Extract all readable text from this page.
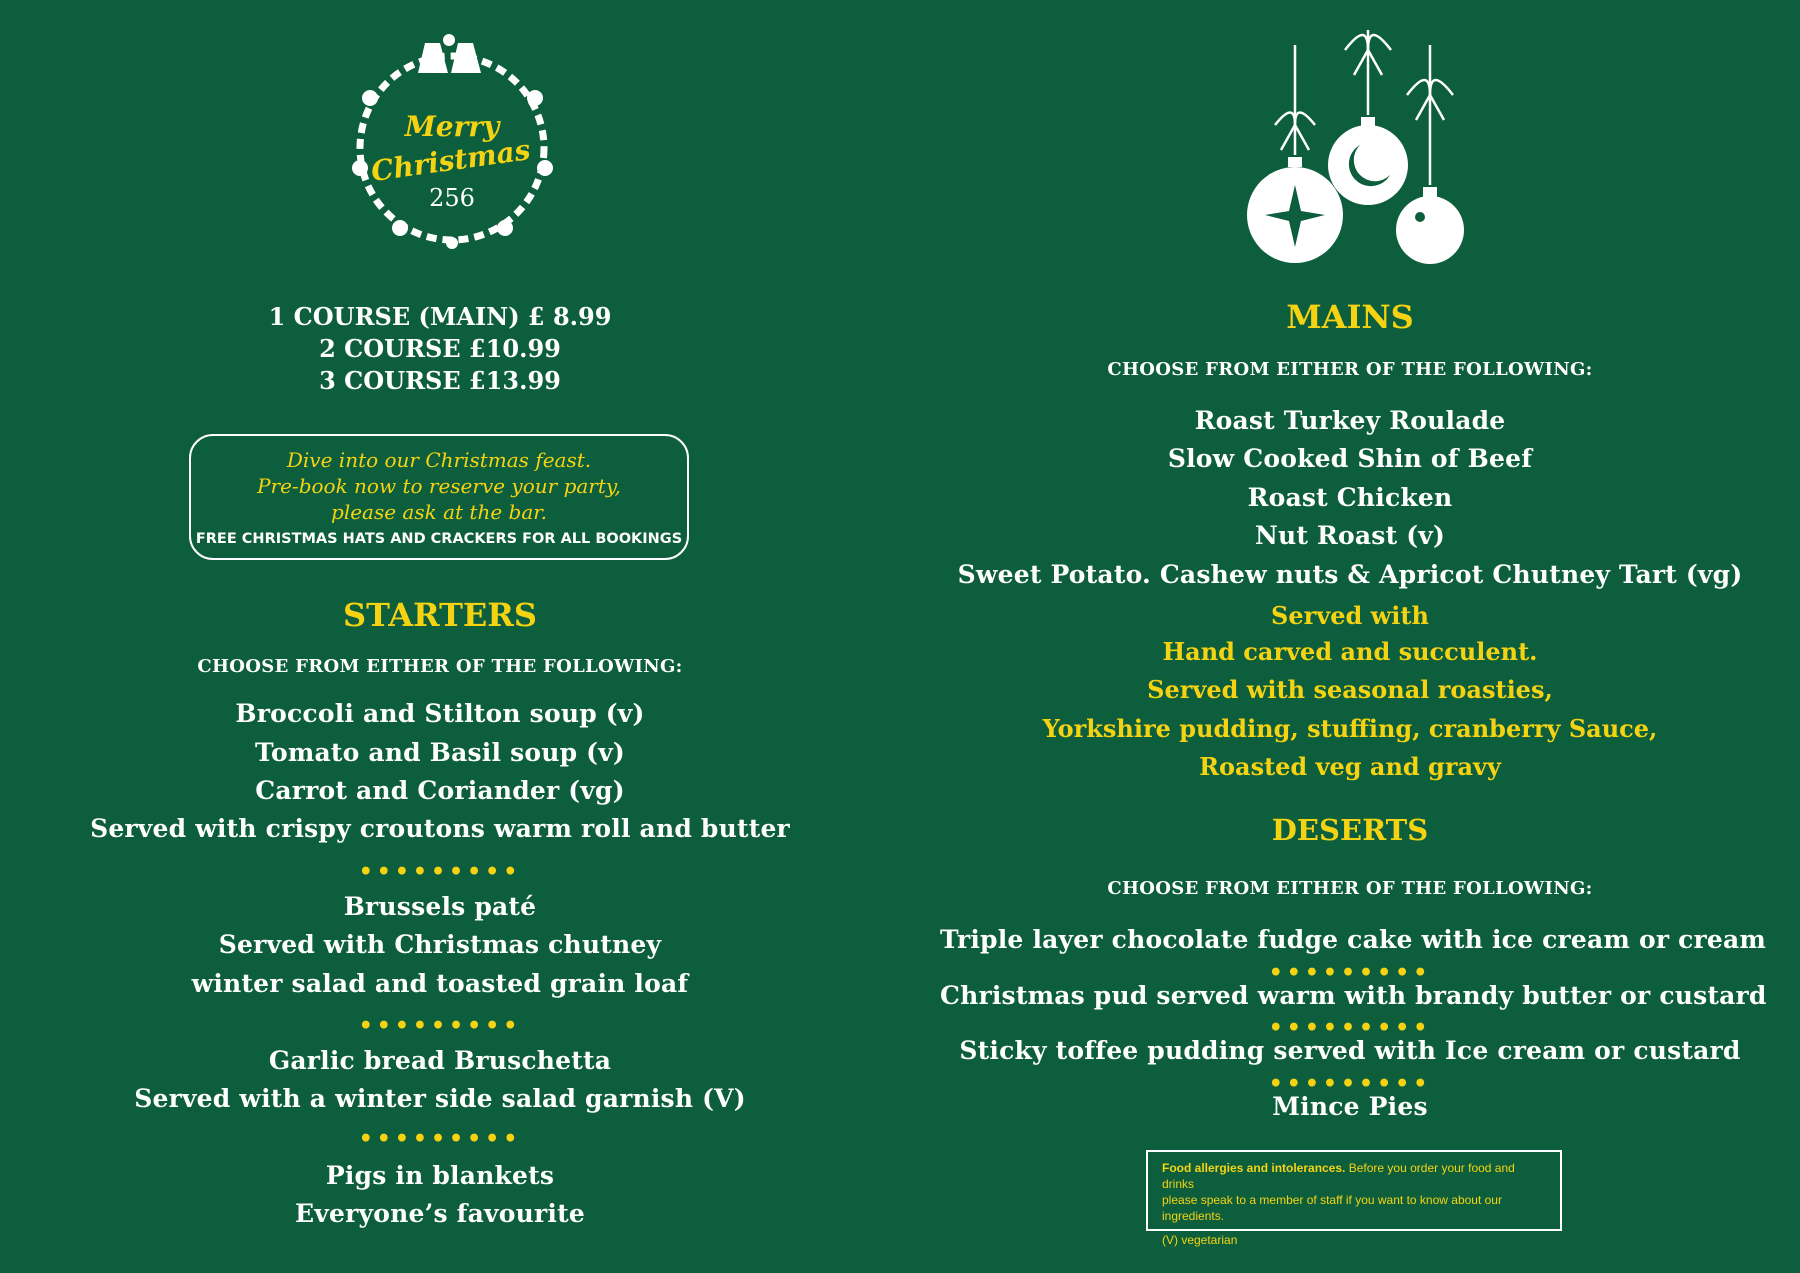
Merry
Christmas
256
1 COURSE (MAIN) £ 8.99
2 COURSE £10.99
3 COURSE £13.99
STARTERS
CHOOSE FROM EITHER OF THE FOLLOWING:
Broccoli and Stilton soup (v)
Tomato and Basil soup (v)
Carrot and Coriander (vg)
Served with crispy croutons warm roll and butter
•••••••••
Brussels paté
Served with Christmas chutney
winter salad and toasted grain loaf
•••••••••
Garlic bread Bruschetta
Served with a winter side salad garnish (V)
•••••••••
Pigs in blankets
Everyone’s favourite
Dive into our Christmas feast.
Pre-book now to reserve your party,
please ask at the bar.
FREE CHRISTMAS HATS AND CRACKERS FOR ALL BOOKINGS
MAINS
CHOOSE FROM EITHER OF THE FOLLOWING:
Roast Turkey Roulade
Slow Cooked Shin of Beef
Roast Chicken
Nut Roast (v)
Sweet Potato. Cashew nuts & Apricot Chutney Tart (vg)
Served with
Hand carved and succulent.
Served with seasonal roasties,
Yorkshire pudding, stuffing, cranberry Sauce,
Roasted veg and gravy
DESERTS
CHOOSE FROM EITHER OF THE FOLLOWING:
Triple layer chocolate fudge cake with ice cream or cream
•••••••••
Christmas pud served warm with brandy butter or custard
•••••••••
Sticky toffee pudding served with Ice cream or custard
•••••••••
Mince Pies
Food allergies and intolerances. Before you order your food and drinks
please speak to a member of staff if you want to know about our ingredients.
(V) vegetarian
